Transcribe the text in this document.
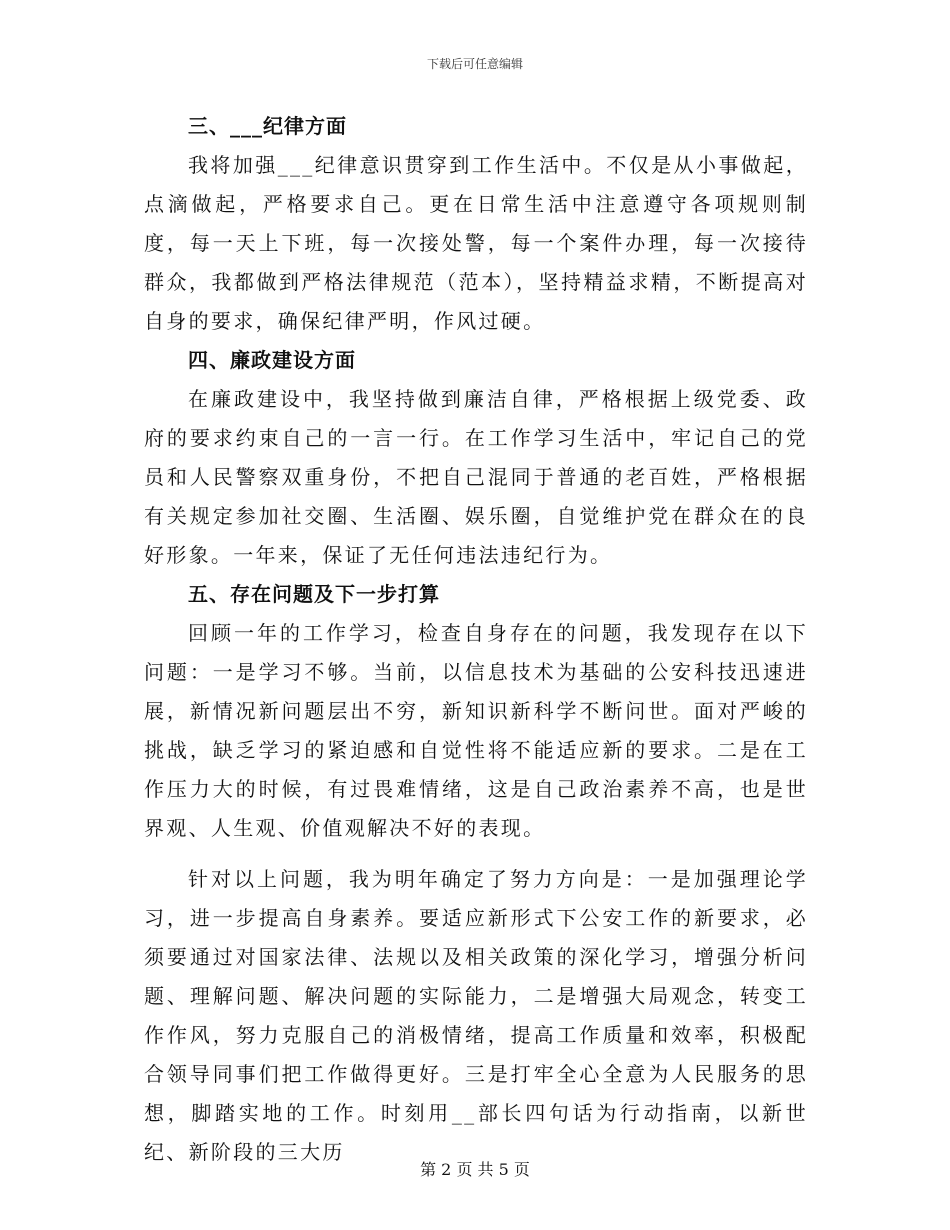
下载后可任意编辑
三、___纪律方面

我将加强___纪律意识贯穿到工作生活中。不仅是从小事做起，点滴做起，严格要求自己。更在日常生活中注意遵守各项规则制度，每一天上下班，每一次接处警，每一个案件办理，每一次接待群众，我都做到严格法律规范（范本），坚持精益求精，不断提高对自身的要求，确保纪律严明，作风过硬。

四、廉政建设方面

在廉政建设中，我坚持做到廉洁自律，严格根据上级党委、政府的要求约束自己的一言一行。在工作学习生活中，牢记自己的党员和人民警察双重身份，不把自己混同于普通的老百姓，严格根据有关规定参加社交圈、生活圈、娱乐圈，自觉维护党在群众在的良好形象。一年来，保证了无任何违法违纪行为。

五、存在问题及下一步打算

回顾一年的工作学习，检查自身存在的问题，我发现存在以下问题：一是学习不够。当前，以信息技术为基础的公安科技迅速进展，新情况新问题层出不穷，新知识新科学不断问世。面对严峻的挑战，缺乏学习的紧迫感和自觉性将不能适应新的要求。二是在工作压力大的时候，有过畏难情绪，这是自己政治素养不高，也是世界观、人生观、价值观解决不好的表现。

针对以上问题，我为明年确定了努力方向是：一是加强理论学习，进一步提高自身素养。要适应新形式下公安工作的新要求，必须要通过对国家法律、法规以及相关政策的深化学习，增强分析问题、理解问题、解决问题的实际能力，二是增强大局观念，转变工作作风，努力克服自己的消极情绪，提高工作质量和效率，积极配合领导同事们把工作做得更好。三是打牢全心全意为人民服务的思想，脚踏实地的工作。时刻用__部长四句话为行动指南，以新世纪、新阶段的三大历

第 2 页 共 5 页
